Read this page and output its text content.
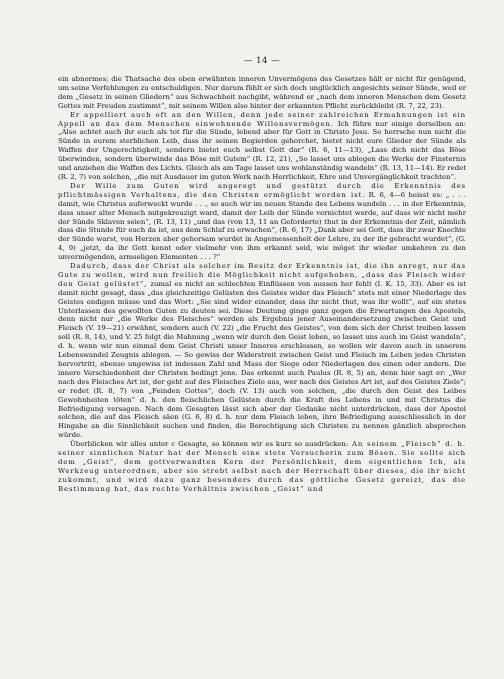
— 14 —

ein abnormes; die Thatsache des oben erwähnten inneren Unvermögens des Gesetzes hält er nicht für genügend, um seine Verfehlungen zu entschuldigen. Nur darum fühlt er sich doch unglücklich angesichts seiner Sünde, weil er dem „Gesetz in seinen Gliedern“ aus Schwachheit nachgibt, während er „nach dem inneren Menschen dem Gesetz Gottes mit Freuden zustimmt“, mit seinem Willen also hinter der erkannten Pflicht zurückbleibt (R. 7, 22, 23).

Er appelliert auch oft an den Willen, denn jede seiner zahlreichen Ermahnungen ist ein Appell an das dem Menschen einwohnende Willensvermögen. Ich führe nur einige derselben an: „Also achtet auch ihr euch als tot für die Sünde, lebend aber für Gott in Christo Jesu. So herrsche nun nicht die Sünde in eurem sterblichen Leib, dass ihr seinen Begierden gehorchet, bietet nicht eure Glieder der Sünde als Waffen der Ungerechtigkeit, sondern bietet euch selbst Gott dar“ (R. 6, 11—13), „Lass dich nicht das Böse überwinden, sondern überwinde das Böse mit Gutem“ (R. 12, 21), „So lasset uns ablegen die Werke der Finsternis und anziehen die Waffen des Lichts. Gleich als am Tage lasset uns wohlanständig wandeln“ (R. 13, 11—14). Er redet (R. 2, 7) von solchen, „die mit Ausdauer im guten Werk nach Herrlichkeit, Ehre und Unvergänglichkeit trachten“.

Der Wille zum Guten wird angeregt und gestützt durch die Erkenntnis des pflichtmässigen Verhaltens, die den Christen ermöglicht worden ist. R. 6, 4—6 heisst es: „ . . . damit, wie Christus auferweckt wurde . . ., so auch wir im neuen Stande des Lebens wandeln . . . in der Erkenntnis, dass unser alter Mensch mitgekreuzigt ward, damit der Leib der Sünde vernichtet werde, auf dass wir nicht mehr der Sünde Sklaven seien“, (R. 13, 11) „und das (von 13, 11 an Geforderte) thut in der Erkenntnis der Zeit, nämlich dass die Stunde für euch da ist, aus dem Schlaf zu erwachen“, (R. 6, 17) „Dank aber sei Gott, dass ihr zwar Knechte der Sünde warst, von Herzen aber gehorsam wurdet in Angemessenheit der Lehre, zu der ihr gebracht wurdet“, (G. 4, 9) „jetzt, da ihr Gott kennt oder vielmehr von ihm erkannt seid, wie möget ihr wieder umkehren zu den unvermögenden, armseligen Elementen . . . ?“

Dadurch, dass der Christ als solcher im Besitz der Erkenntnis ist, die ihn anregt, nur das Gute zu wollen, wird nun freilich die Möglichkeit nicht aufgehoben, „dass das Fleisch wider den Geist gelüstet“, zumal es nicht an schlechten Einflüssen von aussen her fehlt (I. K. 15, 33). Aber es ist damit nicht gesagt, dass „das gleichzeitige Gelüsten des Geistes wider das Fleisch“ stets mit einer Niederlage des Geistes endigen müsse und das Wort: „Sie sind wider einander, dass ihr nicht thut, was ihr wollt“, auf ein stetes Unterlassen des gewollten Guten zu deuten sei. Diese Deutung ginge ganz gegen die Erwartungen des Apostels, denn nicht nur „die Werke des Fleisches“ werden als Ergebnis jener Auseinandersetzung zwischen Geist und Fleisch (V. 19—21) erwähnt, sondern auch (V. 22) „die Frucht des Geistes“, von dem sich der Christ treiben lassen soll (R. 8, 14), und V. 25 folgt die Mahnung „wenn wir durch den Geist leben, so lasset uns auch im Geist wandeln“, d. h. wenn wir nun einmal dem Geist Christi unser Inneres erschlossen, so wollen wir davon auch in unserem Lebenswandel Zeugnis ablegen. — So gewiss der Widerstreit zwischen Geist und Fleisch im Leben jedes Christen hervortritt, ebenso ungewiss ist indessen Zahl und Mass der Siege oder Niederlagen des einen oder andern. Die innere Verschiedenheit der Christen bedingt jene. Das erkennt auch Paulus (R. 8, 5) an, denn hier sagt er: „Wer nach des Fleisches Art ist, der geht auf des Fleisches Ziele aus, wer nach des Geistes Art ist, auf des Geistes Ziele“; er redet (R. 8, 7) von „Feinden Gottes“, doch (V. 13) auch von solchen, „die durch den Geist des Leibes Gewohnheiten töten“ d. h. den fleischlichen Gelüsten durch die Kraft des Lebens in und mit Christus die Befriedigung versagen. Nach dem Gesagten lässt sich aber der Gedanke nicht unterdrücken, dass der Apostel solchen, die auf das Fleisch säen (G. 6, 8) d. h. nur dem Fleisch leben, ihre Befriedigung ausschliesslich in der Hingabe an die Sinnlichkeit suchen und finden, die Berechtigung sich Christen zu nennen gänzlich absprechen würde.

Überblicken wir alles unter c Gesagte, so können wir es kurz so ausdrücken: An seinem „Fleisch“ d. h. seiner sinnlichen Natur hat der Mensch eine stete Versucherin zum Bösen. Sie sollte sich dem „Geist“, dem gottverwandten Kern der Persönlichkeit, dem eigentlichen Ich, als Werkzeug unterordnen, aber sie strebt selbst nach der Herrschaft über dieses, die ihr nicht zukommt, und wird dazu ganz besonders durch das göttliche Gesetz gereizt, das die Bestimmung hat, das rechte Verhältnis zwischen „Geist“ und
